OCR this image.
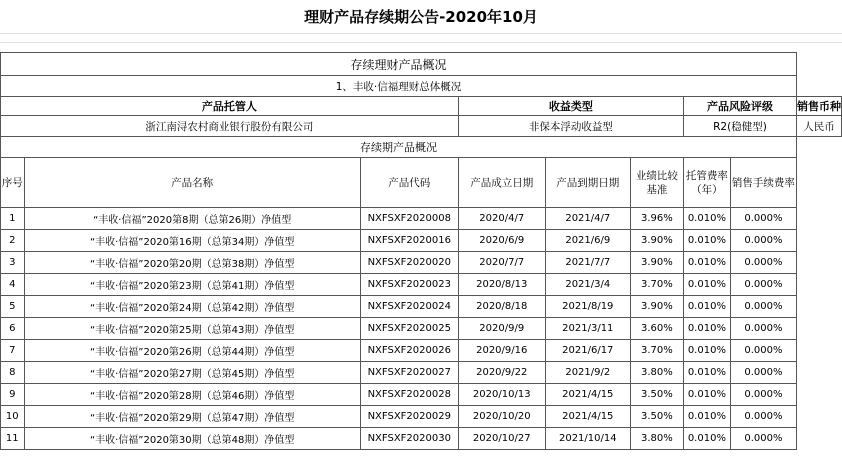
理财产品存续期公告-2020年10月
存续理财产品概况								
1、丰收·信福理财总体概况								
产品托管人			收益类型			产品风险评级		销售币种
浙江南浔农村商业银行股份有限公司			非保本浮动收益型			R2(稳健型)		人民币
存续期产品概况								
序号	产品名称	产品代码	产品成立日期	产品到期日期	业绩比较基准	托管费率（年）	销售手续费率	
1	“丰收·信福”2020第8期（总第26期）净值型	NXFSXF2020008	2020/4/7	2021/4/7	3.96%	0.010%	0.000%	
2	“丰收·信福”2020第16期（总第34期）净值型	NXFSXF2020016	2020/6/9	2021/6/9	3.90%	0.010%	0.000%	
3	“丰收·信福”2020第20期（总第38期）净值型	NXFSXF2020020	2020/7/7	2021/7/7	3.90%	0.010%	0.000%	
4	“丰收·信福”2020第23期（总第41期）净值型	NXFSXF2020023	2020/8/13	2021/3/4	3.70%	0.010%	0.000%	
5	“丰收·信福”2020第24期（总第42期）净值型	NXFSXF2020024	2020/8/18	2021/8/19	3.90%	0.010%	0.000%	
6	“丰收·信福”2020第25期（总第43期）净值型	NXFSXF2020025	2020/9/9	2021/3/11	3.60%	0.010%	0.000%	
7	“丰收·信福”2020第26期（总第44期）净值型	NXFSXF2020026	2020/9/16	2021/6/17	3.70%	0.010%	0.000%	
8	“丰收·信福”2020第27期（总第45期）净值型	NXFSXF2020027	2020/9/22	2021/9/2	3.80%	0.010%	0.000%	
9	“丰收·信福”2020第28期（总第46期）净值型	NXFSXF2020028	2020/10/13	2021/4/15	3.50%	0.010%	0.000%	
10	“丰收·信福”2020第29期（总第47期）净值型	NXFSXF2020029	2020/10/20	2021/4/15	3.50%	0.010%	0.000%	
11	“丰收·信福”2020第30期（总第48期）净值型	NXFSXF2020030	2020/10/27	2021/10/14	3.80%	0.010%	0.000%	
